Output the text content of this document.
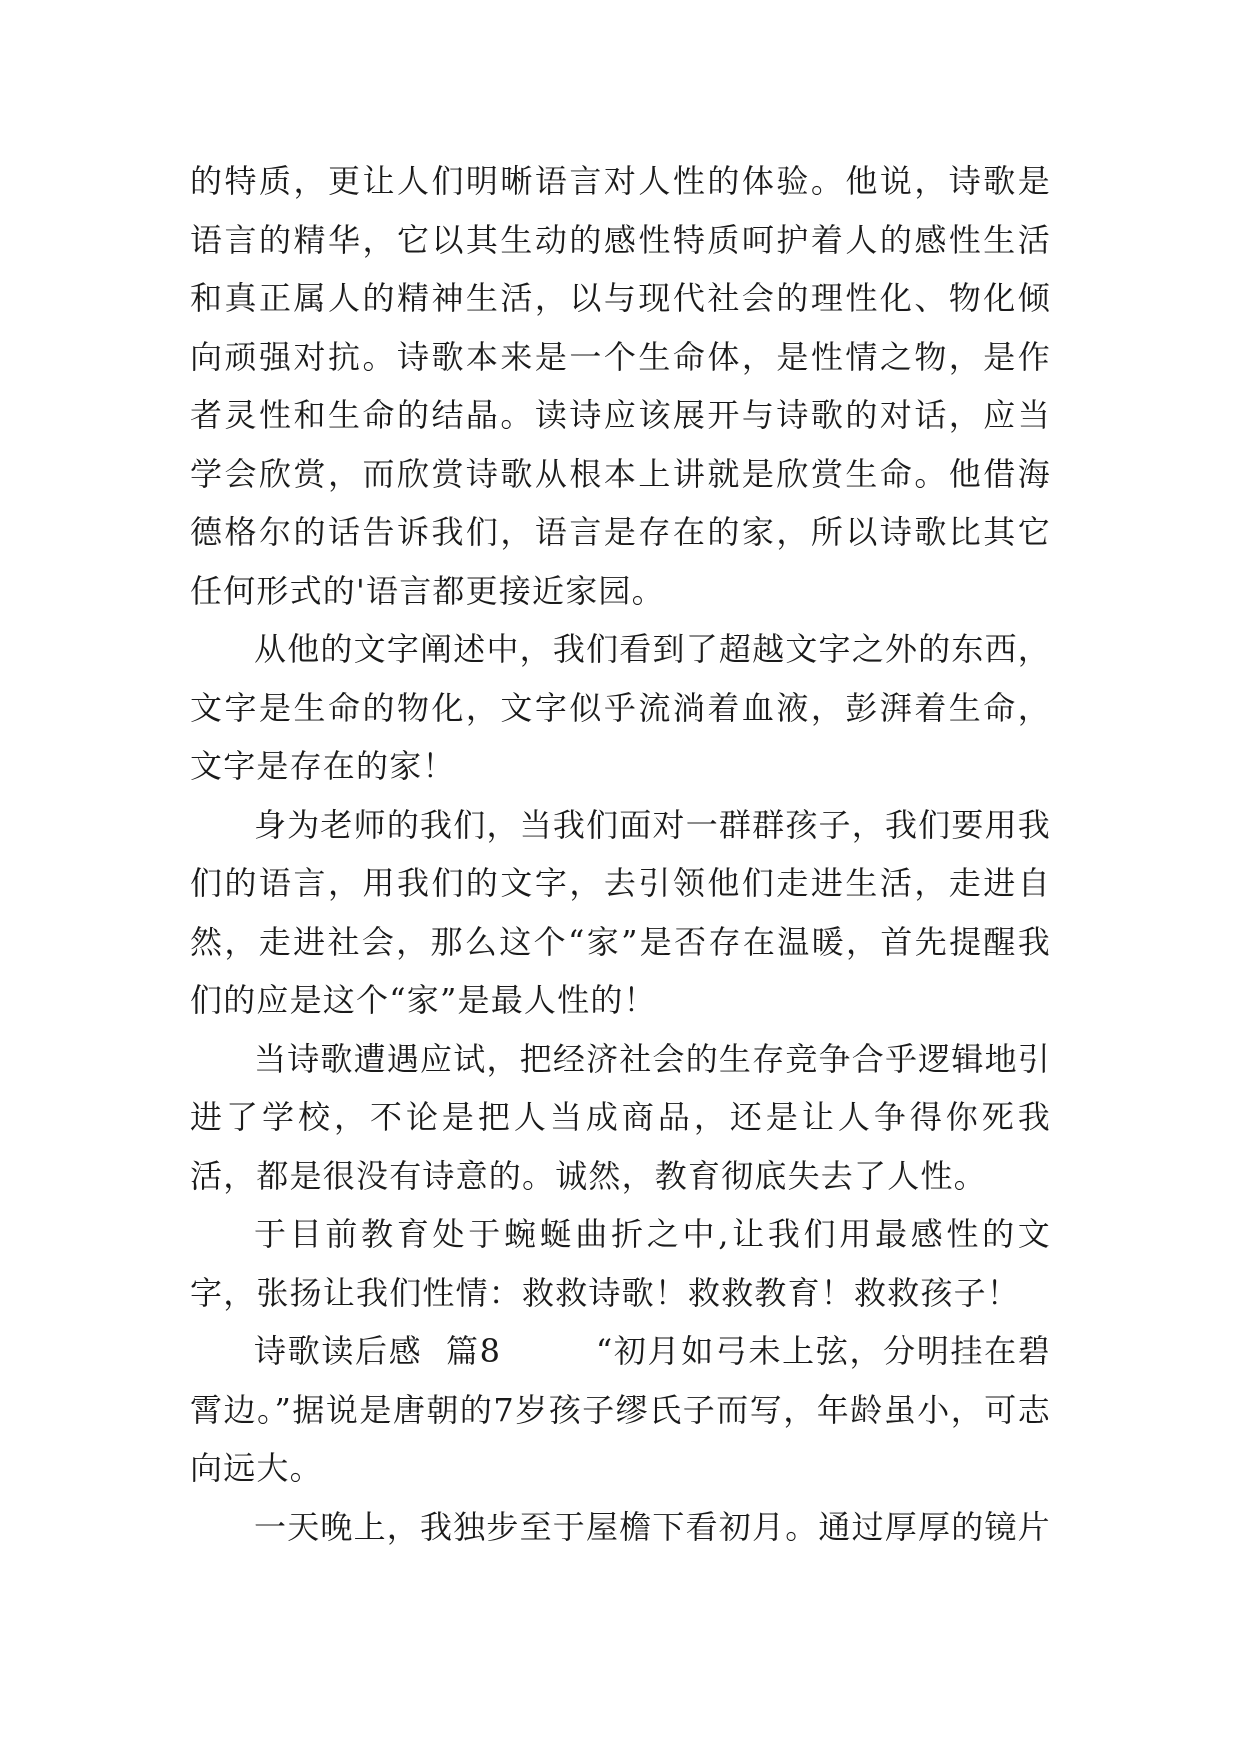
的特质，更让人们明晰语言对人性的体验。他说，诗歌是语言的精华，它以其生动的感性特质呵护着人的感性生活和真正属人的精神生活，以与现代社会的理性化、物化倾向顽强对抗。诗歌本来是一个生命体，是性情之物，是作者灵性和生命的结晶。读诗应该展开与诗歌的对话，应当学会欣赏，而欣赏诗歌从根本上讲就是欣赏生命。他借海德格尔的话告诉我们，语言是存在的家，所以诗歌比其它任何形式的'语言都更接近家园。

从他的文字阐述中，我们看到了超越文字之外的东西，文字是生命的物化，文字似乎流淌着血液，彭湃着生命，文字是存在的家！

身为老师的我们，当我们面对一群群孩子，我们要用我们的语言，用我们的文字，去引领他们走进生活，走进自然，走进社会，那么这个“家”是否存在温暖，首先提醒我们的应是这个“家”是最人性的！

当诗歌遭遇应试，把经济社会的生存竞争合乎逻辑地引进了学校，不论是把人当成商品，还是让人争得你死我活，都是很没有诗意的。诚然，教育彻底失去了人性。

于目前教育处于蜿蜒曲折之中,让我们用最感性的文字，张扬让我们性情：救救诗歌！救救教育！救救孩子！

诗歌读后感  篇8        “初月如弓未上弦，分明挂在碧霄边。”据说是唐朝的7岁孩子缪氏子而写，年龄虽小，可志向远大。

一天晚上，我独步至于屋檐下看初月。通过厚厚的镜片
